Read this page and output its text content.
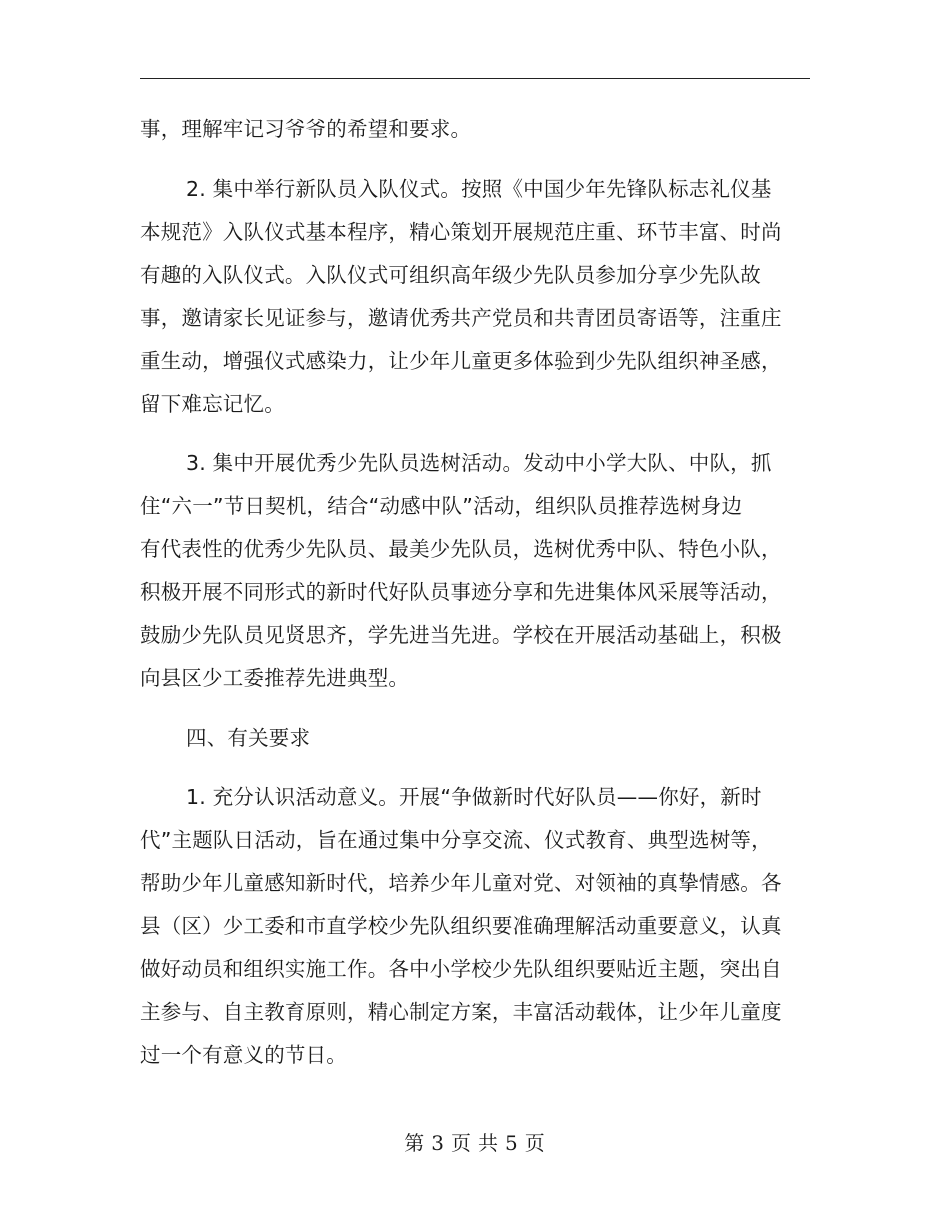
事，理解牢记习爷爷的希望和要求。
2. 集中举行新队员入队仪式。按照《中国少年先锋队标志礼仪基
本规范》入队仪式基本程序，精心策划开展规范庄重、环节丰富、时尚
有趣的入队仪式。入队仪式可组织高年级少先队员参加分享少先队故
事，邀请家长见证参与，邀请优秀共产党员和共青团员寄语等，注重庄
重生动，增强仪式感染力，让少年儿童更多体验到少先队组织神圣感，
留下难忘记忆。
3. 集中开展优秀少先队员选树活动。发动中小学大队、中队，抓
住“六一”节日契机，结合“动感中队”活动，组织队员推荐选树身边
有代表性的优秀少先队员、最美少先队员，选树优秀中队、特色小队，
积极开展不同形式的新时代好队员事迹分享和先进集体风采展等活动，
鼓励少先队员见贤思齐，学先进当先进。学校在开展活动基础上，积极
向县区少工委推荐先进典型。
四、有关要求
1. 充分认识活动意义。开展“争做新时代好队员——你好，新时
代”主题队日活动，旨在通过集中分享交流、仪式教育、典型选树等，
帮助少年儿童感知新时代，培养少年儿童对党、对领袖的真挚情感。各
县（区）少工委和市直学校少先队组织要准确理解活动重要意义，认真
做好动员和组织实施工作。各中小学校少先队组织要贴近主题，突出自
主参与、自主教育原则，精心制定方案，丰富活动载体，让少年儿童度
过一个有意义的节日。
第 3 页 共 5 页
